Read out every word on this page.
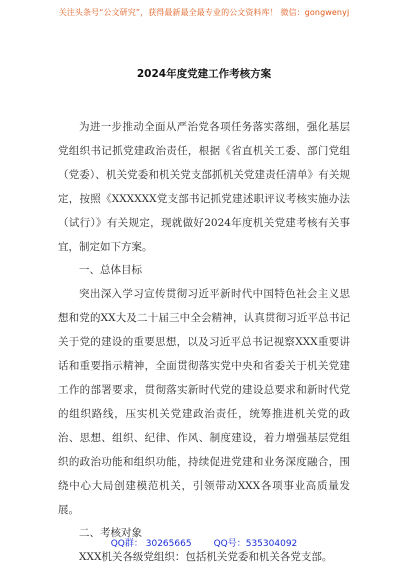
关注头条号“公文研究”，获得最新最全最专业的公文资料库！ 微信：gongwenyj
2024年度党建工作考核方案

为进一步推动全面从严治党各项任务落实落细，强化基层党组织书记抓党建政治责任，根据《省直机关工委、部门党组（党委）、机关党委和机关党支部抓机关党建责任清单》有关规定，按照《XXXXXX党支部书记抓党建述职评议考核实施办法（试行）》有关规定，现就做好2024年度机关党建考核有关事宜，制定如下方案。

一、总体目标

突出深入学习宣传贯彻习近平新时代中国特色社会主义思想和党的XX大及二十届三中全会精神，认真贯彻习近平总书记关于党的建设的重要思想，以及习近平总书记视察XXX重要讲话和重要指示精神，全面贯彻落实党中央和省委关于机关党建工作的部署要求，贯彻落实新时代党的建设总要求和新时代党的组织路线，压实机关党建政治责任，统筹推进机关党的政治、思想、组织、纪律、作风、制度建设，着力增强基层党组织的政治功能和组织功能，持续促进党建和业务深度融合，围绕中心大局创建模范机关，引领带动XXX各项事业高质量发展。

二、考核对象

XXX机关各级党组织：包括机关党委和机关各党支部。

QQ群： 30265665 QQ号：535304092
